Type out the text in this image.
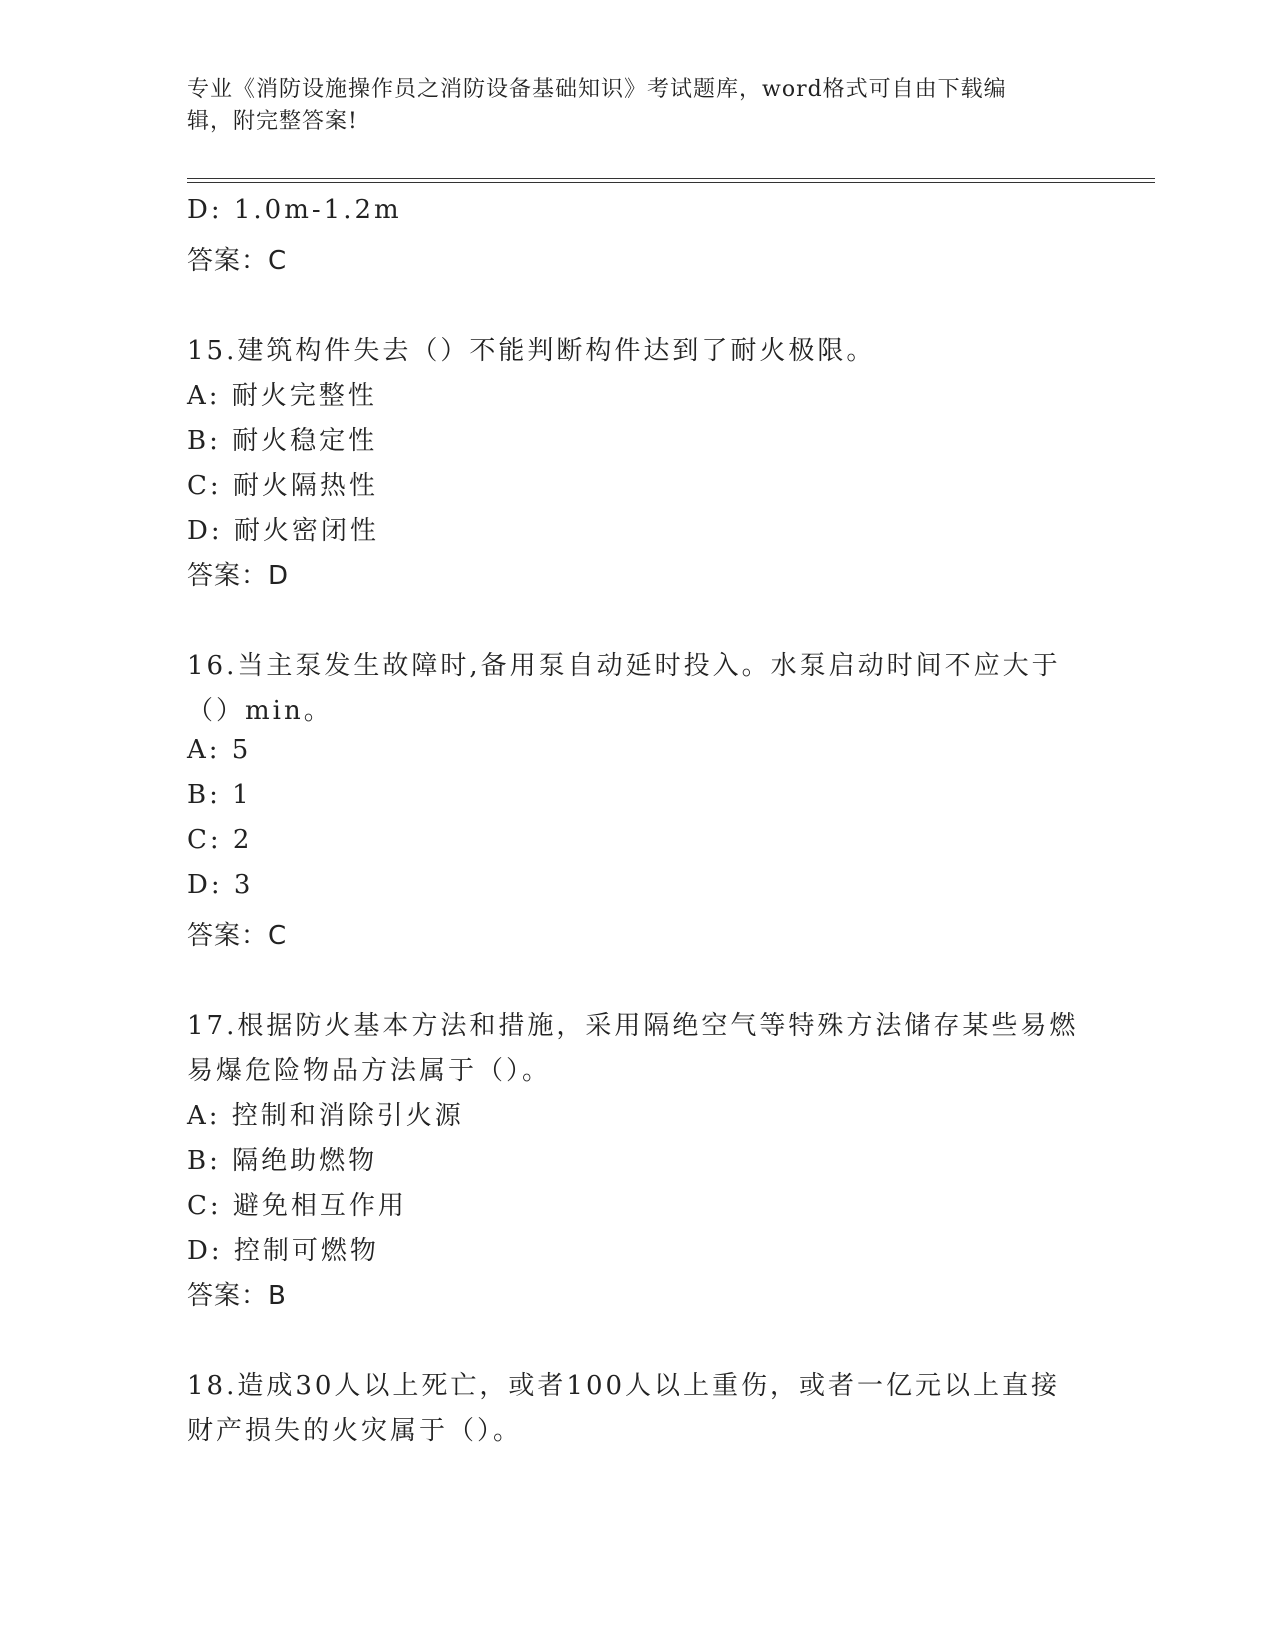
专业《消防设施操作员之消防设备基础知识》考试题库，word格式可自由下载编
辑，附完整答案!
D: 1.0m-1.2m
答案：C
15.建筑构件失去（）不能判断构件达到了耐火极限。
A: 耐火完整性
B: 耐火稳定性
C: 耐火隔热性
D: 耐火密闭性
答案：D
16.当主泵发生故障时,备用泵自动延时投入。水泵启动时间不应大于
（）min。
A: 5
B: 1
C: 2
D: 3
答案：C
17.根据防火基本方法和措施，采用隔绝空气等特殊方法储存某些易燃
易爆危险物品方法属于（）。
A: 控制和消除引火源
B: 隔绝助燃物
C: 避免相互作用
D: 控制可燃物
答案：B
18.造成30人以上死亡，或者100人以上重伤，或者一亿元以上直接
财产损失的火灾属于（）。
